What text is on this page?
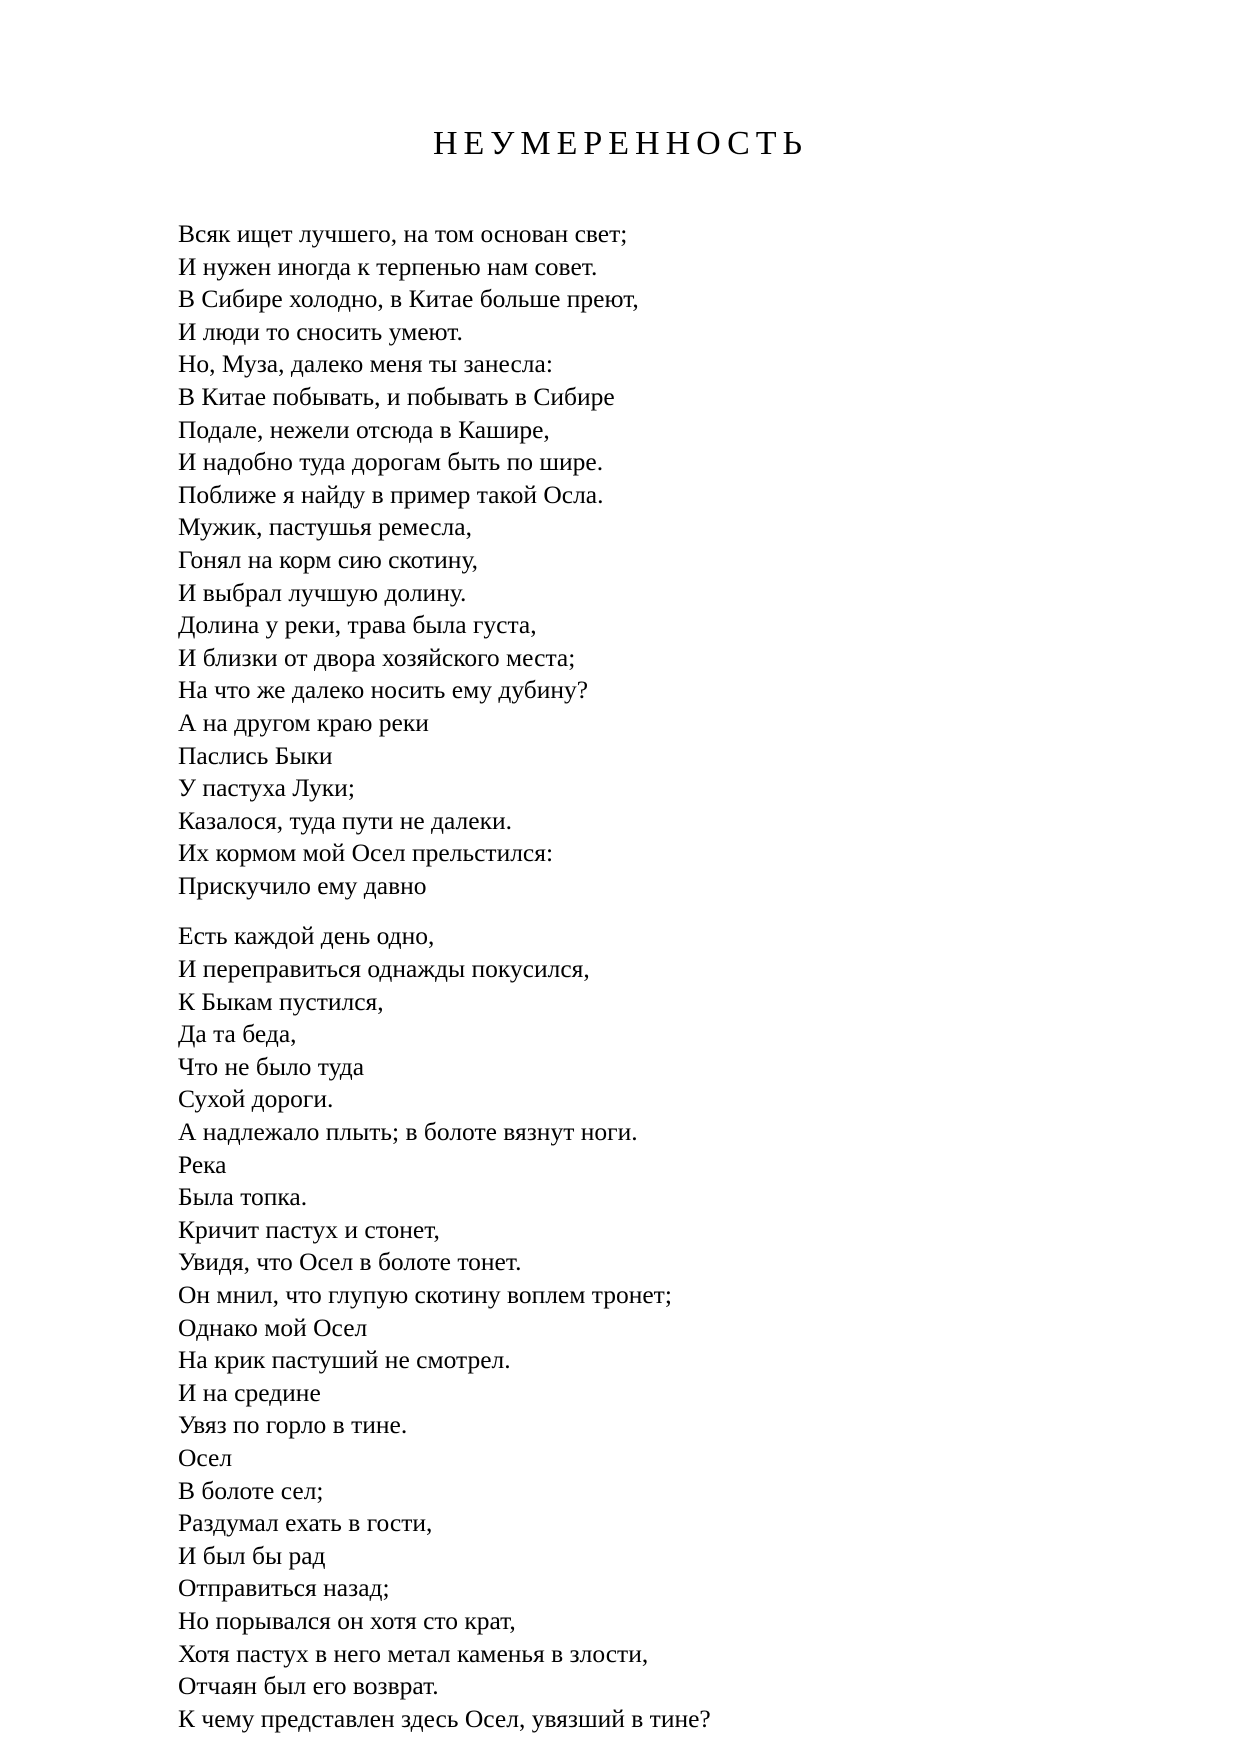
НЕУМЕРЕННОСТЬ
Всяк ищет лучшего, на том основан свет;
И нужен иногда к терпенью нам совет.
В Сибире холодно, в Китае больше преют,
И люди то сносить умеют.
Но, Муза, далеко меня ты занесла:
В Китае побывать, и побывать в Сибире
Подале, нежели отсюда в Кашире,
И надобно туда дорогам быть по шире.
Поближе я найду в пример такой Осла.
Мужик, пастушья ремесла,
Гонял на корм сию скотину,
И выбрал лучшую долину.
Долина у реки, трава была густа,
И близки от двора хозяйского места;
На что же далеко носить ему дубину?
А на другом краю реки
Паслись Быки
У пастуха Луки;
Казалося, туда пути не далеки.
Их кормом мой Осел прельстился:
Прискучило ему давно
Есть каждой день одно,
И переправиться однажды покусился,
К Быкам пустился,
Да та беда,
Что не было туда
Сухой дороги.
А надлежало плыть; в болоте вязнут ноги.
Река
Была топка.
Кричит пастух и стонет,
Увидя, что Осел в болоте тонет.
Он мнил, что глупую скотину воплем тронет;
Однако мой Осел
На крик пастуший не смотрел.
И на средине
Увяз по горло в тине.
Осел
В болоте сел;
Раздумал ехать в гости,
И был бы рад
Отправиться назад;
Но порывался он хотя сто крат,
Хотя пастух в него метал каменья в злости,
Отчаян был его возврат.
К чему представлен здесь Осел, увязший в тине?
